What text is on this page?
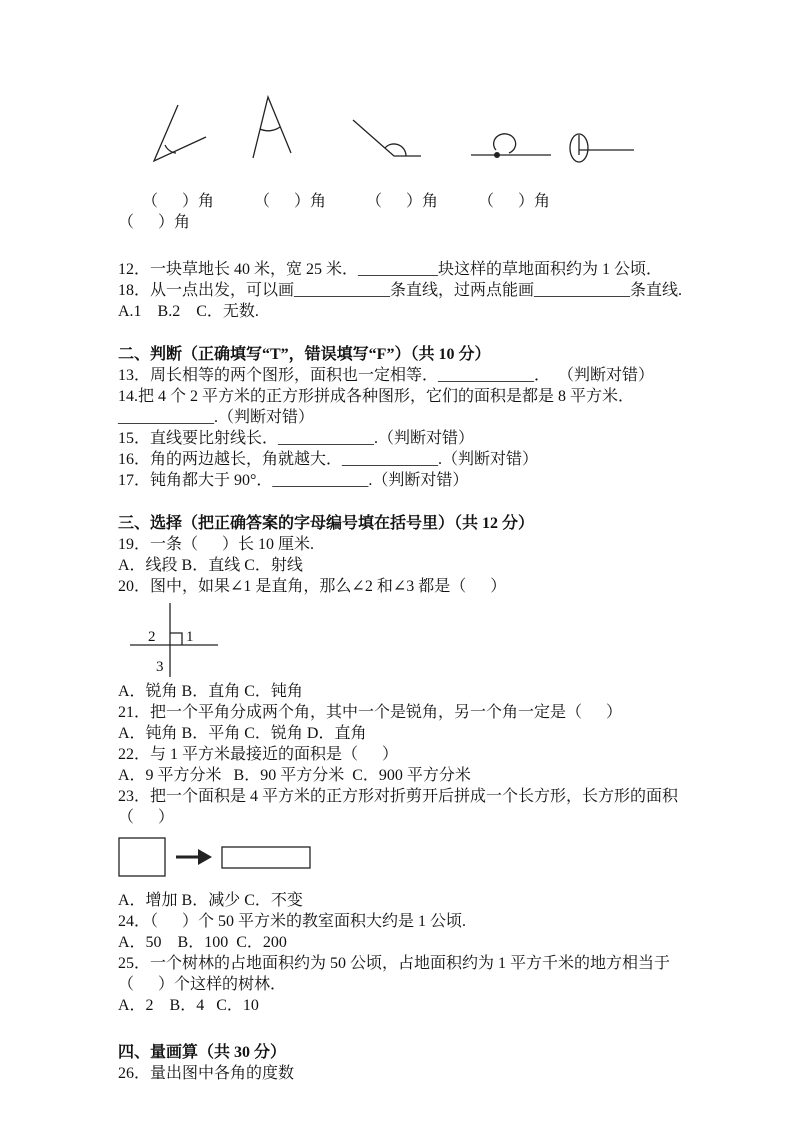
（      ）角 （      ）角 （      ）角 （      ）角（      ）角

12．一块草地长 40 米，宽 25 米．__________块这样的草地面积约为 1 公顷．
18．从一点出发，可以画____________条直线，过两点能画____________条直线.
A.1    B.2    C．无数.
二、判断（正确填写“T”，错误填写“F”）（共 10 分）
13．周长相等的两个图形，面积也一定相等．____________．  （判断对错）
14.把 4 个 2 平方米的正方形拼成各种图形，它们的面积是都是 8 平方米．____________.（判断对错）
15．直线要比射线长．____________.（判断对错）
16．角的两边越长，角就越大．____________.（判断对错）
17．钝角都大于 90°．____________.（判断对错）
三、选择（把正确答案的字母编号填在括号里）（共 12 分）
19．一条（      ）长 10 厘米.
A．线段 B．直线 C．射线
20．图中，如果∠1 是直角，那么∠2 和∠3 都是（      ）
2 1
3
A．锐角 B．直角 C．钝角
21．把一个平角分成两个角，其中一个是锐角，另一个角一定是（      ）
A．钝角 B．平角 C．锐角 D．直角
22．与 1 平方米最接近的面积是（      ）
A．9 平方分米   B．90 平方分米  C．900 平方分米
23．把一个面积是 4 平方米的正方形对折剪开后拼成一个长方形，长方形的面积（      ）
A．增加 B．减少 C．不变
24．（      ）个 50 平方米的教室面积大约是 1 公顷.
A．50    B．100  C．200
25．一个树林的占地面积约为 50 公顷，占地面积约为 1 平方千米的地方相当于（      ）个这样的树林．
A．2    B．4   C．10
四、量画算（共 30 分）
26．量出图中各角的度数
